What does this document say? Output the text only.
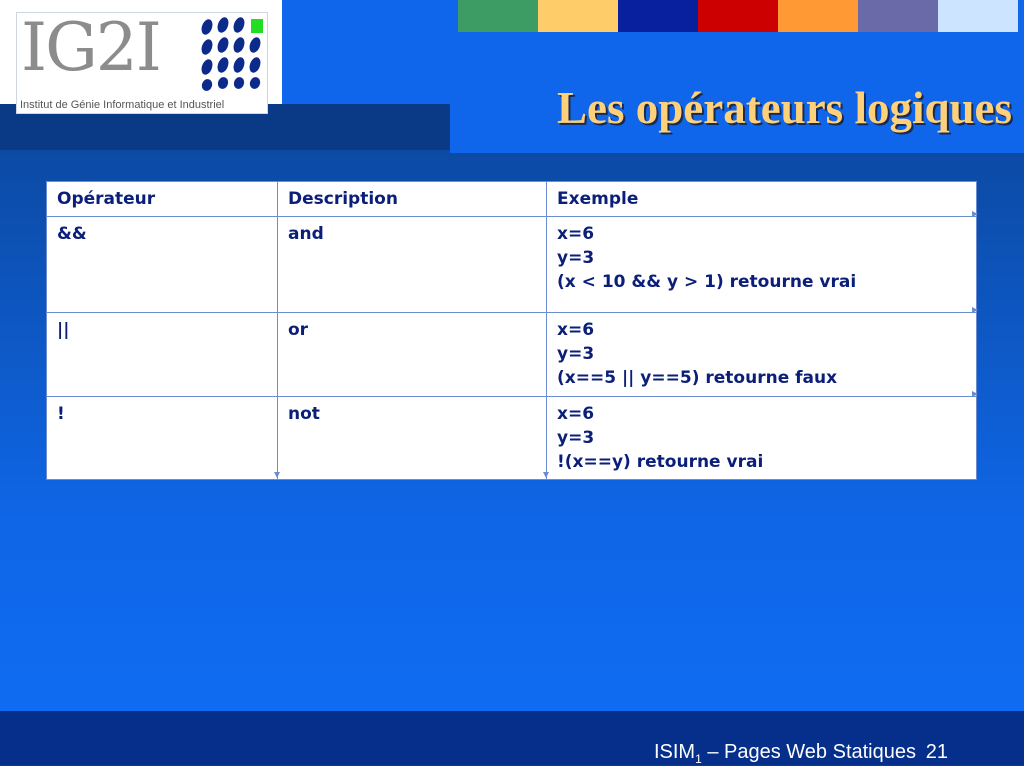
IG2I
Institut de Génie Informatique et Industriel	Les opérateurs logiques
Opérateur	Description	Exemple
&&	and	x=6
y=3
(x < 10 && y > 1) retourne vrai

||	or	x=6
y=3
(x==5 || y==5) retourne faux

!	not	x=6
y=3
!(x==y) retourne vrai
$ISIM_1$ – Pages Web Statiques 21
